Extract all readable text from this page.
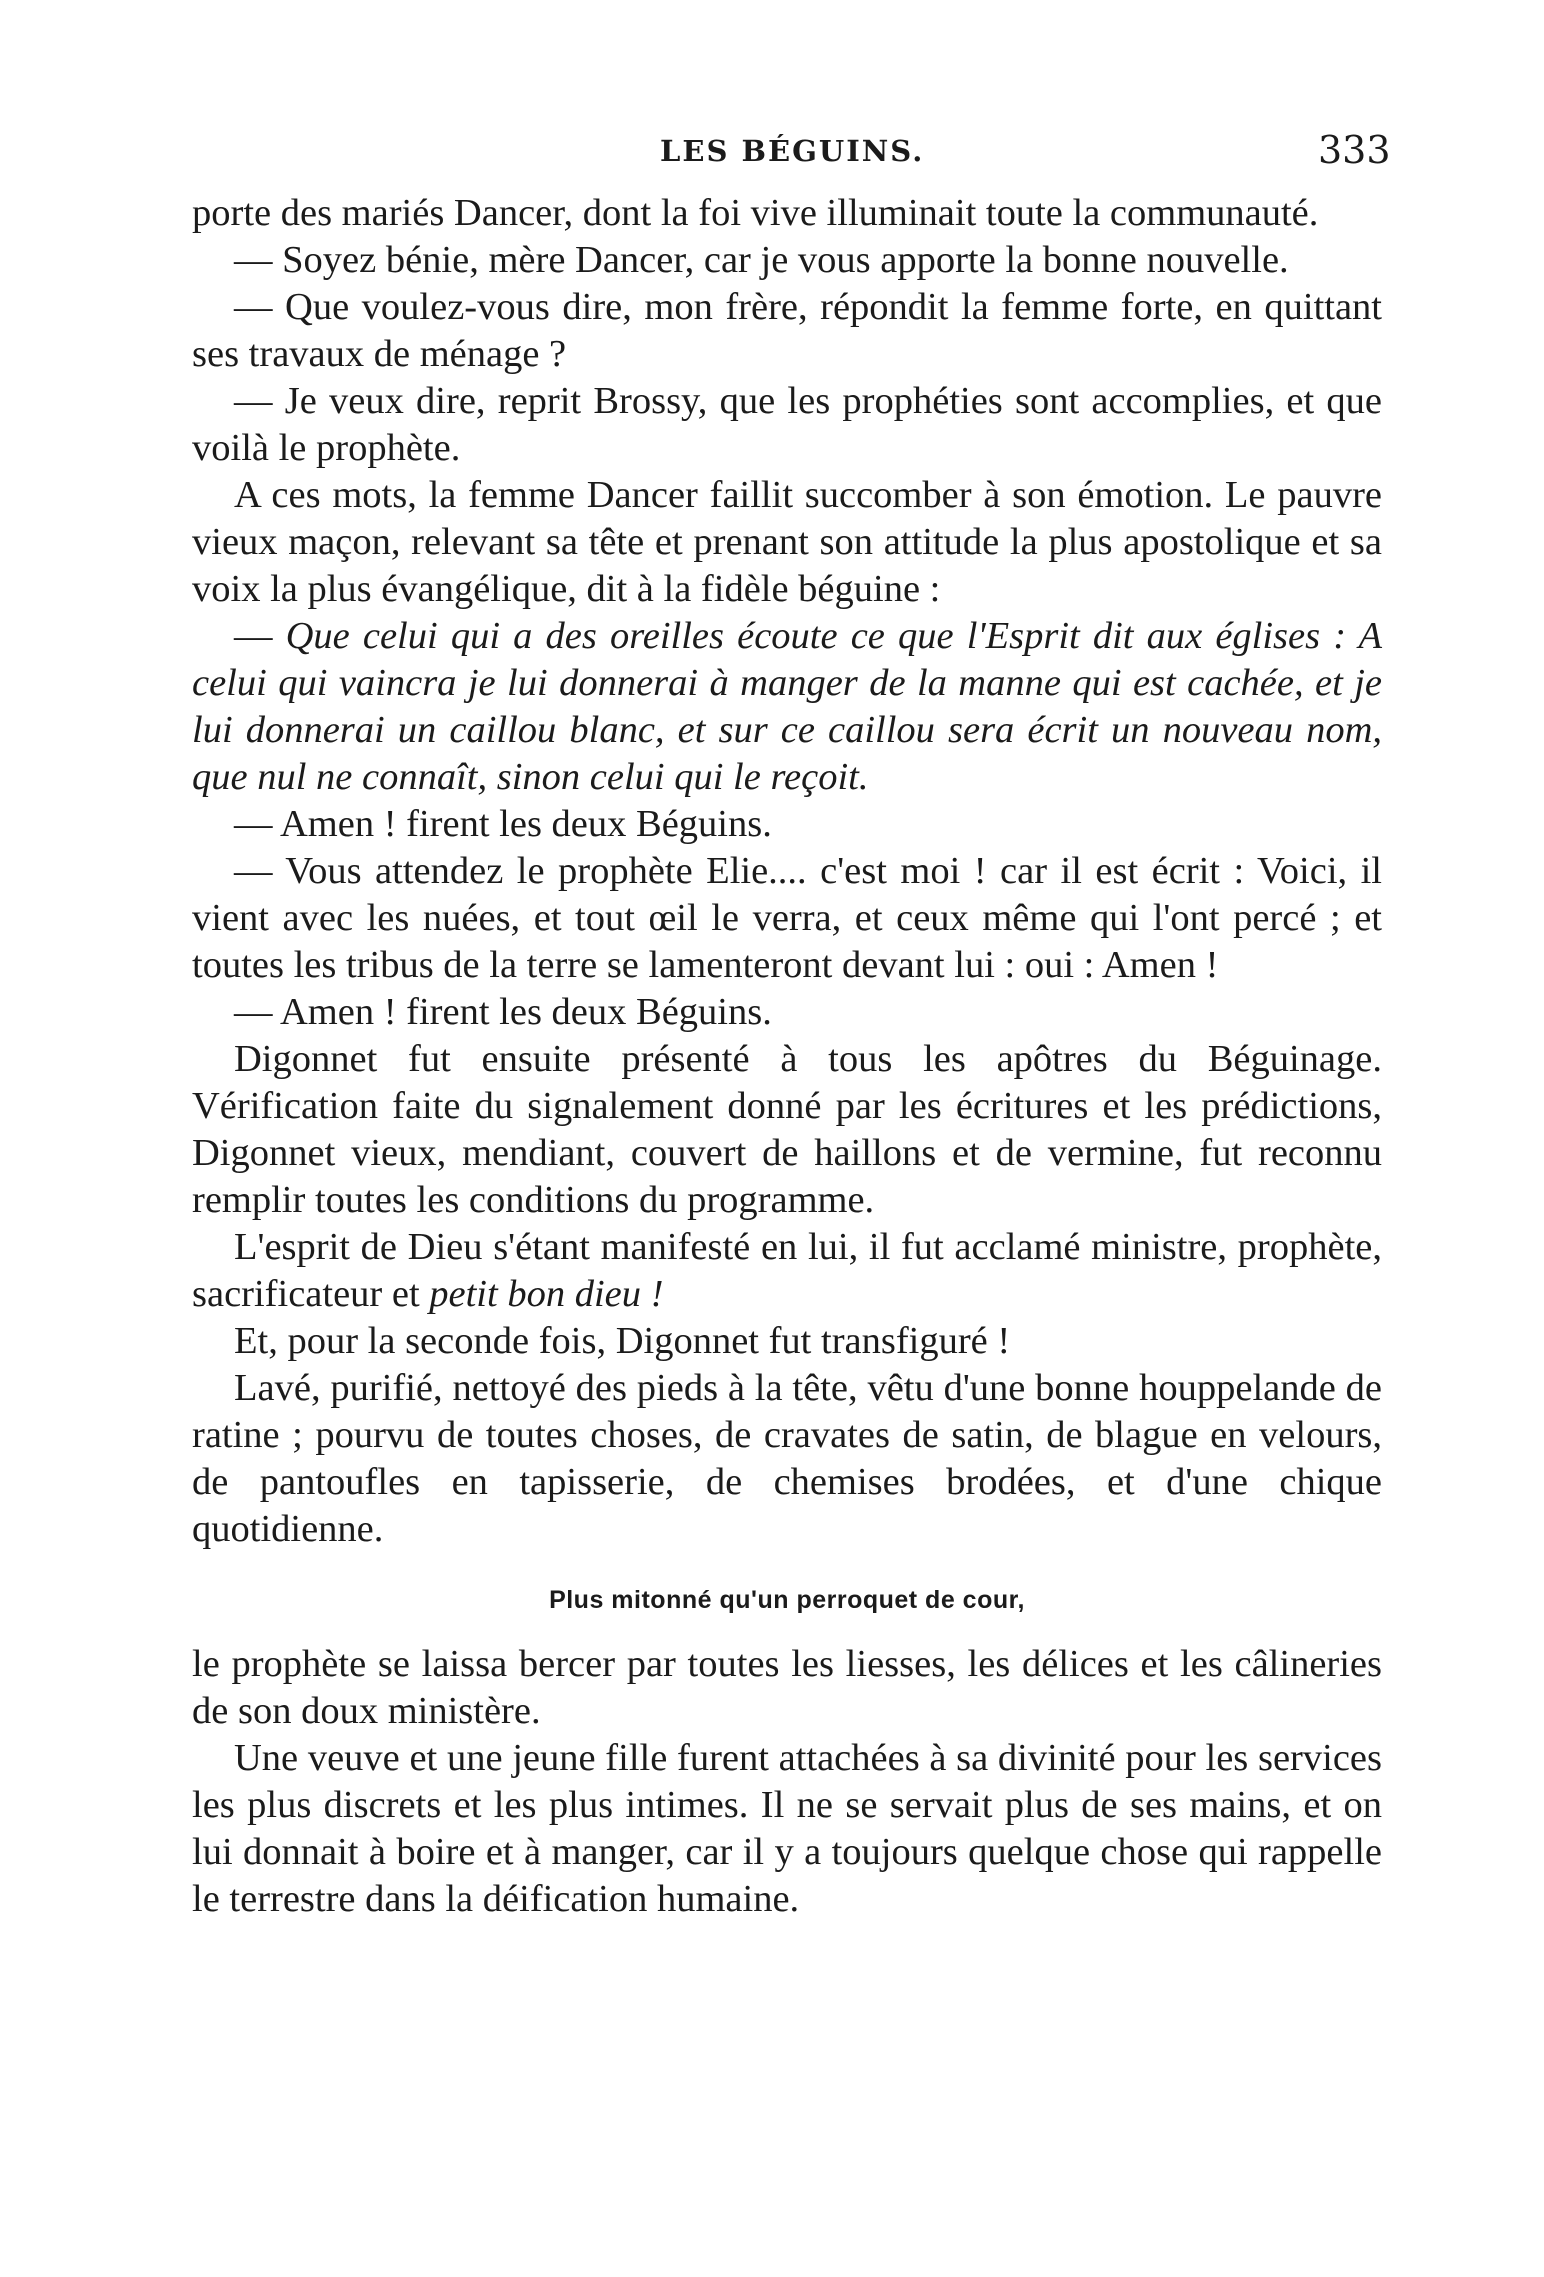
LES BÉGUINS.	333

porte des mariés Dancer, dont la foi vive illuminait toute la communauté.

— Soyez bénie, mère Dancer, car je vous apporte la bonne nouvelle.

— Que voulez-vous dire, mon frère, répondit la femme forte, en quittant ses travaux de ménage ?

— Je veux dire, reprit Brossy, que les prophéties sont accomplies, et que voilà le prophète.

A ces mots, la femme Dancer faillit succomber à son émotion. Le pauvre vieux maçon, relevant sa tête et prenant son attitude la plus apostolique et sa voix la plus évangélique, dit à la fidèle béguine :

— Que celui qui a des oreilles écoute ce que l'Esprit dit aux églises : A celui qui vaincra je lui donnerai à manger de la manne qui est cachée, et je lui donnerai un caillou blanc, et sur ce caillou sera écrit un nouveau nom, que nul ne connaît, sinon celui qui le reçoit.

— Amen ! firent les deux Béguins.

— Vous attendez le prophète Elie.... c'est moi ! car il est écrit : Voici, il vient avec les nuées, et tout œil le verra, et ceux même qui l'ont percé ; et toutes les tribus de la terre se lamenteront devant lui : oui : Amen !

— Amen ! firent les deux Béguins.

Digonnet fut ensuite présenté à tous les apôtres du Béguinage. Vérification faite du signalement donné par les écritures et les prédictions, Digonnet vieux, mendiant, couvert de haillons et de vermine, fut reconnu remplir toutes les conditions du programme.

L'esprit de Dieu s'étant manifesté en lui, il fut acclamé ministre, prophète, sacrificateur et petit bon dieu !

Et, pour la seconde fois, Digonnet fut transfiguré !

Lavé, purifié, nettoyé des pieds à la tête, vêtu d'une bonne houppelande de ratine ; pourvu de toutes choses, de cravates de satin, de blague en velours, de pantoufles en tapisserie, de chemises brodées, et d'une chique quotidienne.

Plus mitonné qu'un perroquet de cour,

le prophète se laissa bercer par toutes les liesses, les délices et les câlineries de son doux ministère.

Une veuve et une jeune fille furent attachées à sa divinité pour les services les plus discrets et les plus intimes. Il ne se servait plus de ses mains, et on lui donnait à boire et à manger, car il y a toujours quelque chose qui rappelle le terrestre dans la déification humaine.
